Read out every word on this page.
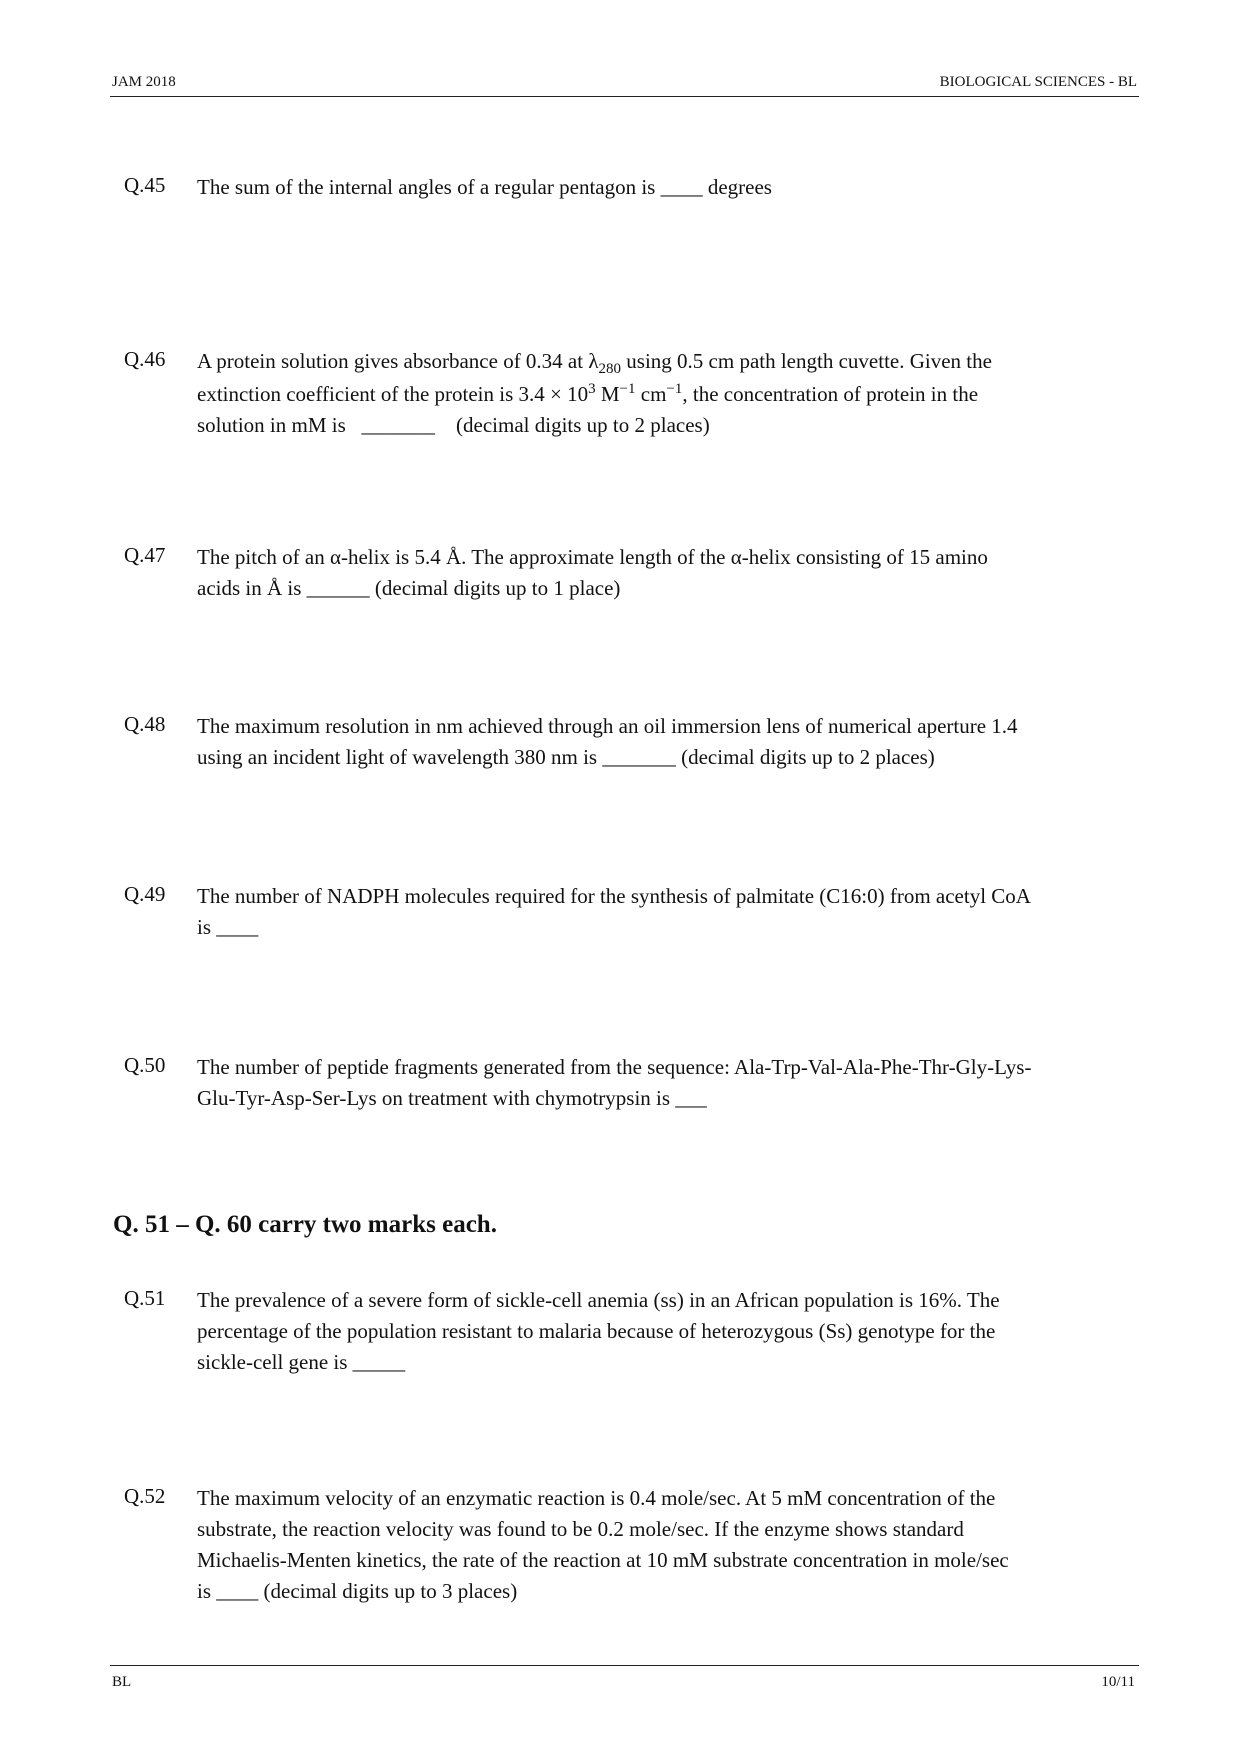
JAM 2018	BIOLOGICAL SCIENCES - BL
Q.45 The sum of the internal angles of a regular pentagon is ____ degrees
Q.46 A protein solution gives absorbance of 0.34 at $\lambda_{280}$ using 0.5 cm path length cuvette. Given the
extinction coefficient of the protein is $3.4 \times 10^3$ $M^{-1}$ $cm^{-1}$, the concentration of protein in the
solution in mM is   _______    (decimal digits up to 2 places)
Q.47 The pitch of an α-helix is 5.4 Å. The approximate length of the α-helix consisting of 15 amino
acids in Å is ______ (decimal digits up to 1 place)
Q.48 The maximum resolution in nm achieved through an oil immersion lens of numerical aperture 1.4
using an incident light of wavelength 380 nm is _______ (decimal digits up to 2 places)
Q.49 The number of NADPH molecules required for the synthesis of palmitate (C16:0) from acetyl CoA
is ____
Q.50 The number of peptide fragments generated from the sequence: Ala-Trp-Val-Ala-Phe-Thr-Gly-Lys-
Glu-Tyr-Asp-Ser-Lys on treatment with chymotrypsin is ___
Q. 51 – Q. 60 carry two marks each.
Q.51 The prevalence of a severe form of sickle-cell anemia (ss) in an African population is 16%. The
percentage of the population resistant to malaria because of heterozygous (Ss) genotype for the
sickle-cell gene is _____
Q.52 The maximum velocity of an enzymatic reaction is 0.4 mole/sec. At 5 mM concentration of the
substrate, the reaction velocity was found to be 0.2 mole/sec. If the enzyme shows standard
Michaelis-Menten kinetics, the rate of the reaction at 10 mM substrate concentration in mole/sec
is ____ (decimal digits up to 3 places)
BL	10/11
